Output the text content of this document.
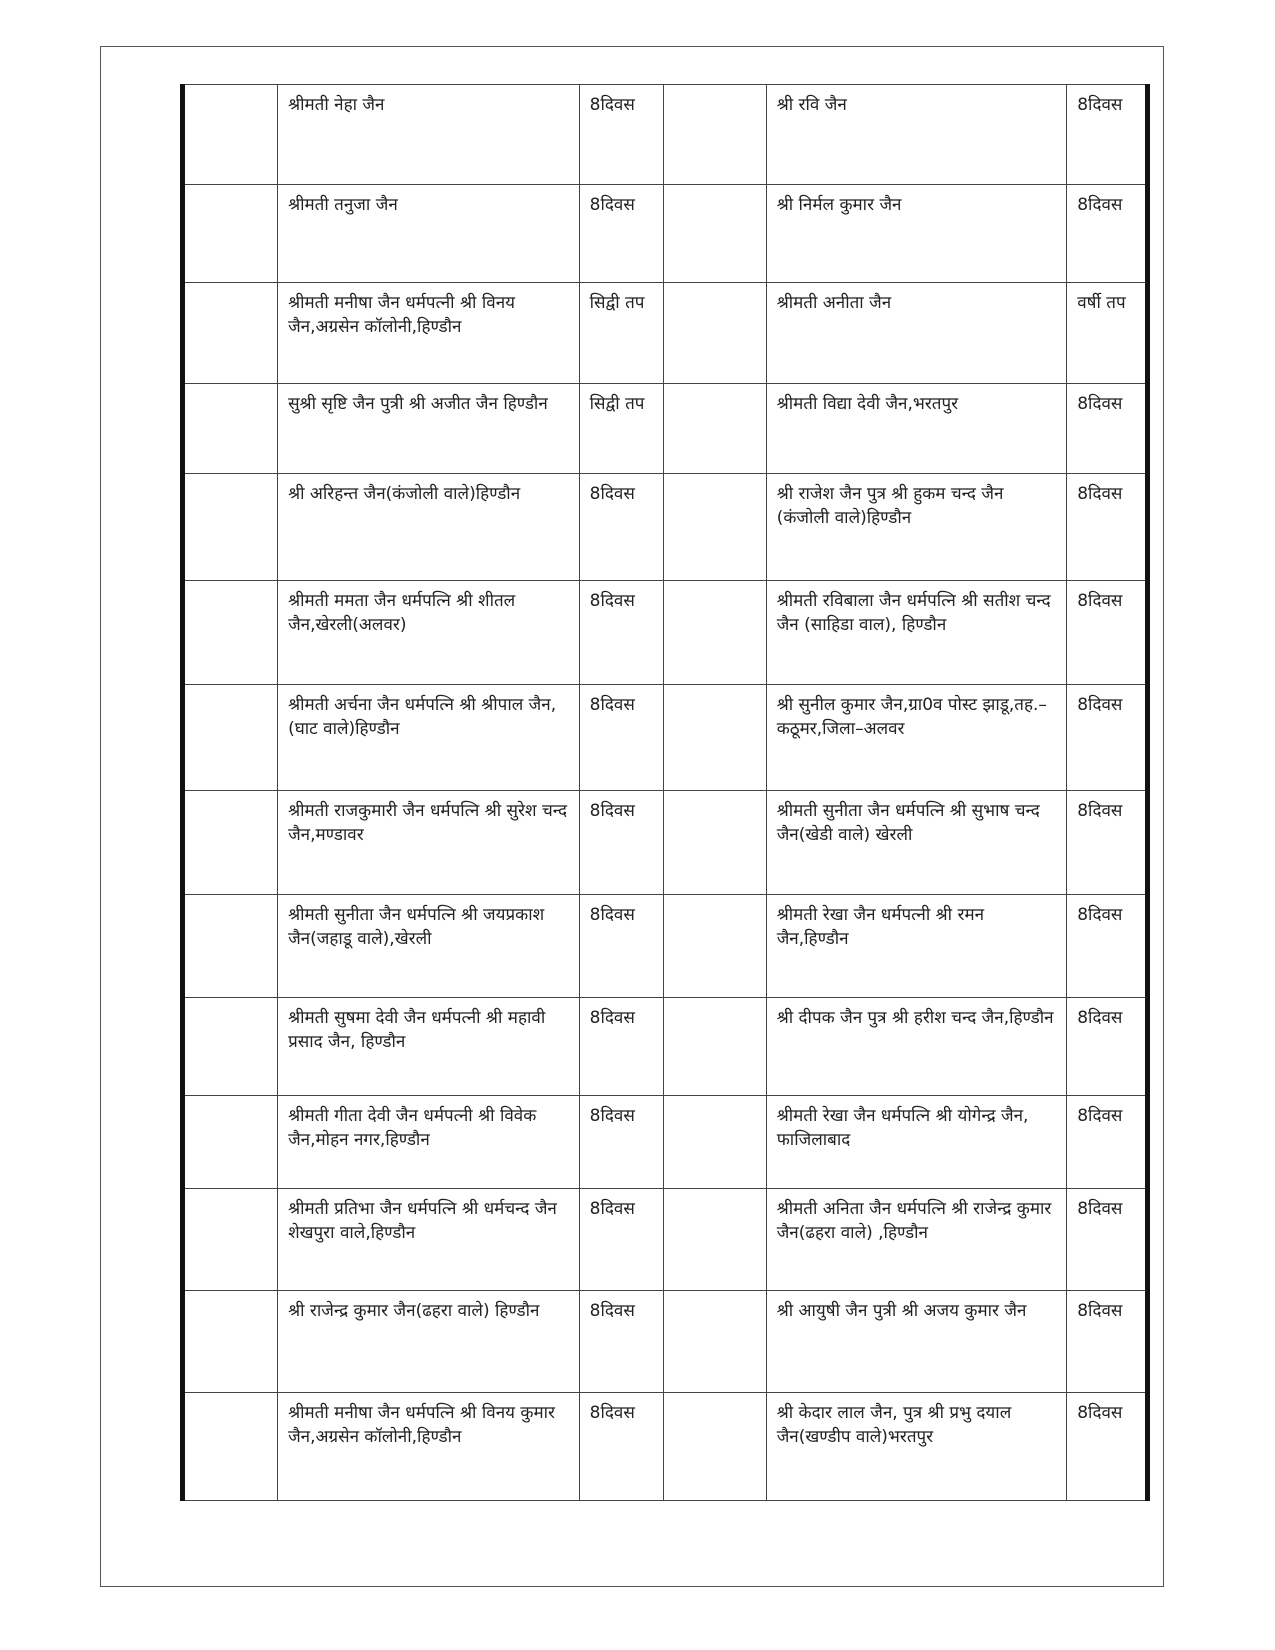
	श्रीमती नेहा जैन	8दिवस		श्री रवि जैन	8दिवस

	श्रीमती तनुजा जैन	8दिवस		श्री निर्मल कुमार जैन	8दिवस

	श्रीमती मनीषा जैन धर्मपत्नी श्री विनय जैन,अग्रसेन कॉलोनी,हिण्डौन	सिद्वी तप		श्रीमती अनीता जैन	वर्षी तप

	सुश्री सृष्टि जैन पुत्री श्री अजीत जैन हिण्डौन	सिद्वी तप		श्रीमती विद्या देवी जैन,भरतपुर	8दिवस

	श्री अरिहन्त जैन(कंजोली वाले)हिण्डौन	8दिवस		श्री राजेश जैन पुत्र श्री हुकम चन्द जैन (कंजोली वाले)हिण्डौन	8दिवस

	श्रीमती ममता जैन धर्मपत्नि श्री शीतल जैन,खेरली(अलवर)	8दिवस		श्रीमती रविबाला जैन धर्मपत्नि श्री सतीश चन्द जैन (साहिडा वाल), हिण्डौन	8दिवस

	श्रीमती अर्चना जैन धर्मपत्नि श्री श्रीपाल जैन,(घाट वाले)हिण्डौन	8दिवस		श्री सुनील कुमार जैन,ग्रा0व पोस्ट झाडू,तह.–कठूमर,जिला–अलवर	8दिवस

	श्रीमती राजकुमारी जैन धर्मपत्नि श्री सुरेश चन्द जैन,मण्डावर	8दिवस		श्रीमती सुनीता जैन धर्मपत्नि श्री सुभाष चन्द जैन(खेडी वाले) खेरली	8दिवस

	श्रीमती सुनीता जैन धर्मपत्नि श्री जयप्रकाश जैन(जहाडू वाले),खेरली	8दिवस		श्रीमती रेखा जैन धर्मपत्नी श्री रमन जैन,हिण्डौन	8दिवस

	श्रीमती सुषमा देवी जैन धर्मपत्नी श्री महावी प्रसाद जैन, हिण्डौन	8दिवस		श्री दीपक जैन पुत्र श्री हरीश चन्द जैन,हिण्डौन	8दिवस

	श्रीमती गीता देवी जैन धर्मपत्नी श्री विवेक जैन,मोहन नगर,हिण्डौन	8दिवस		श्रीमती रेखा जैन धर्मपत्नि श्री योगेन्द्र जैन, फाजिलाबाद	8दिवस

	श्रीमती प्रतिभा जैन धर्मपत्नि श्री धर्मचन्द जैन शेखपुरा वाले,हिण्डौन	8दिवस		श्रीमती अनिता जैन धर्मपत्नि श्री राजेन्द्र कुमार जैन(ढहरा वाले) ,हिण्डौन	8दिवस

	श्री राजेन्द्र कुमार जैन(ढहरा वाले) हिण्डौन	8दिवस		श्री आयुषी जैन पुत्री श्री अजय कुमार जैन	8दिवस

	श्रीमती मनीषा जैन धर्मपत्नि श्री विनय कुमार जैन,अग्रसेन कॉलोनी,हिण्डौन	8दिवस		श्री केदार लाल जैन, पुत्र श्री प्रभु दयाल जैन(खण्डीप वाले)भरतपुर	8दिवस
